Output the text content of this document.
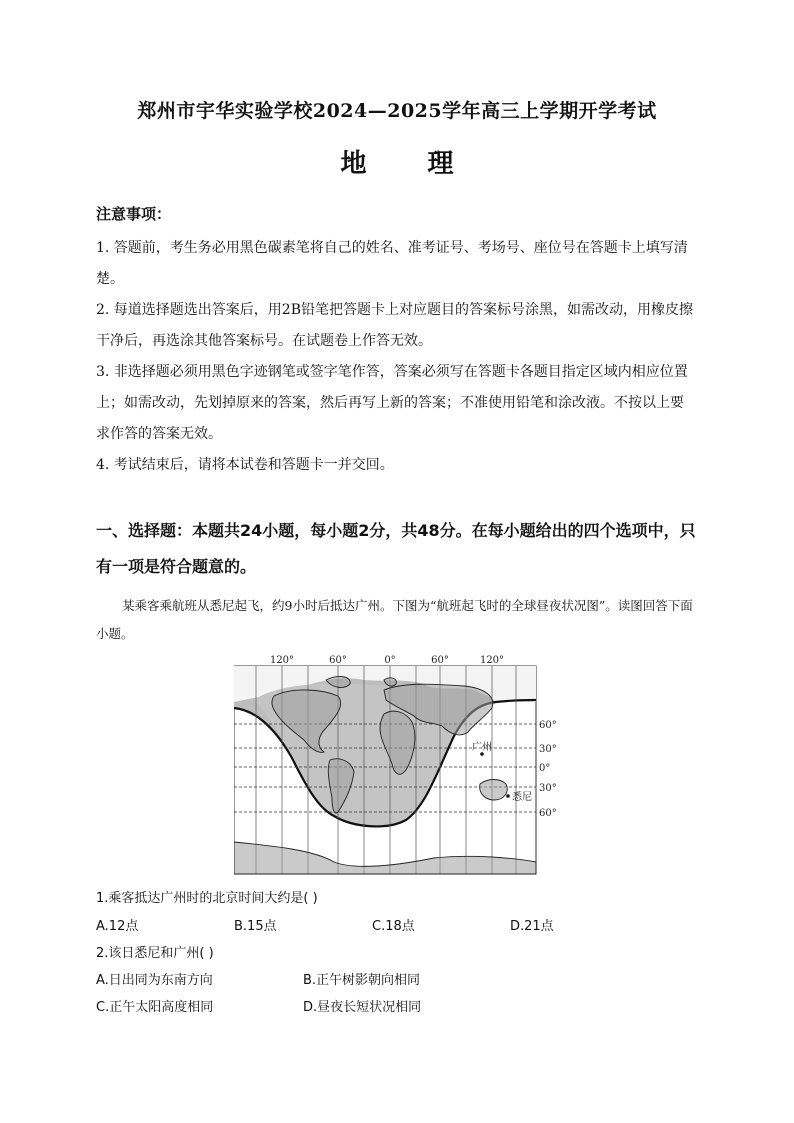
郑州市宇华实验学校2024—2025学年高三上学期开学考试
地 理
注意事项：
1. 答题前，考生务必用黑色碳素笔将自己的姓名、准考证号、考场号、座位号在答题卡上填写清楚。
2. 每道选择题选出答案后，用2B铅笔把答题卡上对应题目的答案标号涂黑，如需改动，用橡皮擦干净后，再选涂其他答案标号。在试题卷上作答无效。
3. 非选择题必须用黑色字迹钢笔或签字笔作答，答案必须写在答题卡各题目指定区域内相应位置上；如需改动，先划掉原来的答案，然后再写上新的答案；不准使用铅笔和涂改液。不按以上要求作答的答案无效。
4. 考试结束后，请将本试卷和答题卡一并交回。
一、选择题：本题共24小题，每小题2分，共48分。在每小题给出的四个选项中，只有一项是符合题意的。
某乘客乘航班从悉尼起飞，约9小时后抵达广州。下图为“航班起飞时的全球昼夜状况图”。读图回答下面小题。
120°	60°	0°	60°	120°
广州
悉尼
60°
30°
0°
30°
60°
1.乘客抵达广州时的北京时间大约是( )
A.12点	B.15点	C.18点	D.21点
2.该日悉尼和广州( )
A.日出同为东南方向	B.正午树影朝向相同
C.正午太阳高度相同	D.昼夜长短状况相同
